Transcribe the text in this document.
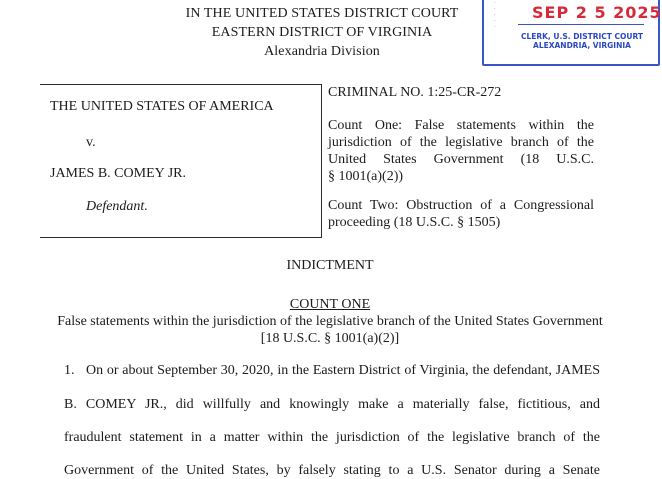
IN THE UNITED STATES DISTRICT COURT
EASTERN DISTRICT OF VIRGINIA
Alexandria Division
·
·
·
·
·
SEP 2 5 2025
CLERK, U.S. DISTRICT COURT
ALEXANDRIA, VIRGINIA
THE UNITED STATES OF AMERICA
v.
JAMES B. COMEY JR.
Defendant.
CRIMINAL NO. 1:25-CR-272
Count One: False statements within the
jurisdiction of the legislative branch of the
United States Government (18 U.S.C.
§ 1001(a)(2))
Count Two: Obstruction of a Congressional
proceeding (18 U.S.C. § 1505)
INDICTMENT
COUNT ONE
False statements within the jurisdiction of the legislative branch of the United States Government
[18 U.S.C. § 1001(a)(2)]
1. On or about September 30, 2020, in the Eastern District of Virginia, the defendant, JAMES
B. COMEY JR., did willfully and knowingly make a materially false, fictitious, and
fraudulent statement in a matter within the jurisdiction of the legislative branch of the
Government of the United States, by falsely stating to a U.S. Senator during a Senate
